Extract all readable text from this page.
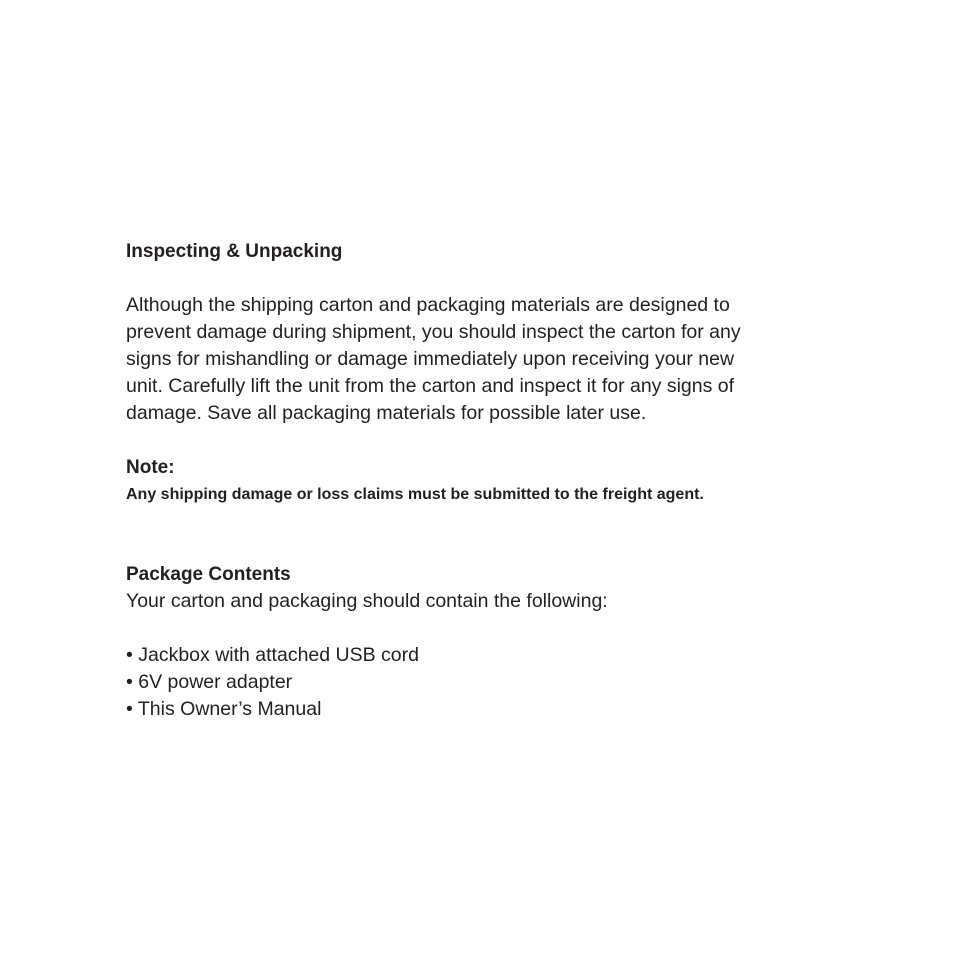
Inspecting & Unpacking

Although the shipping carton and packaging materials are designed to
prevent damage during shipment, you should inspect the carton for any
signs for mishandling or damage immediately upon receiving your new
unit. Carefully lift the unit from the carton and inspect it for any signs of
damage. Save all packaging materials for possible later use.

Note:

Any shipping damage or loss claims must be submitted to the freight agent.

Package Contents

Your carton and packaging should contain the following:

• Jackbox with attached USB cord
• 6V power adapter
• This Owner’s Manual
